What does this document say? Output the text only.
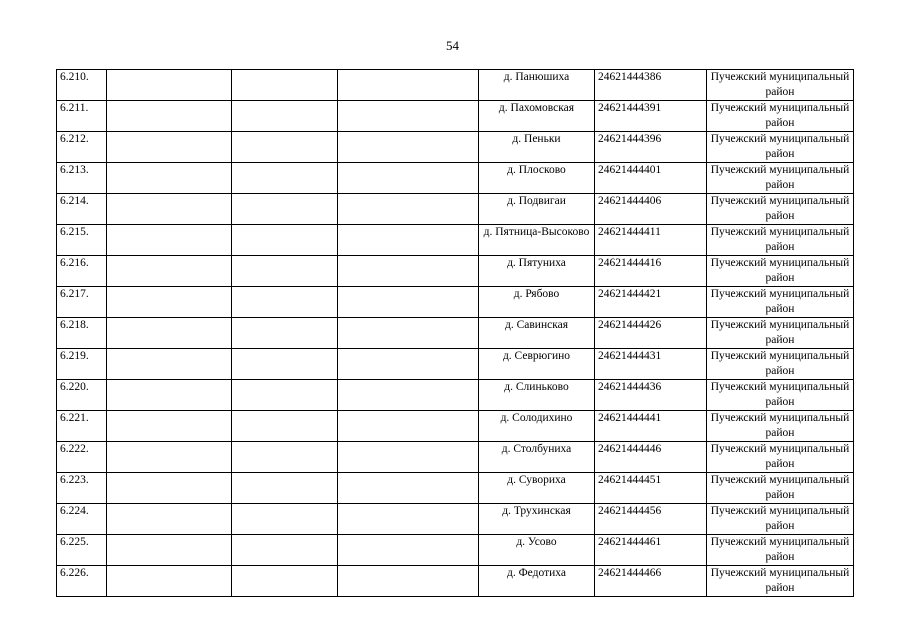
54
6.210.				д. Панюшиха	24621444386	Пучежский муниципальный район
6.211.				д. Пахомовская	24621444391	Пучежский муниципальный район
6.212.				д. Пеньки	24621444396	Пучежский муниципальный район
6.213.				д. Плосково	24621444401	Пучежский муниципальный район
6.214.				д. Подвигаи	24621444406	Пучежский муниципальный район
6.215.				д. Пятница-Высоково	24621444411	Пучежский муниципальный район
6.216.				д. Пятуниха	24621444416	Пучежский муниципальный район
6.217.				д. Рябово	24621444421	Пучежский муниципальный район
6.218.				д. Савинская	24621444426	Пучежский муниципальный район
6.219.				д. Севрюгино	24621444431	Пучежский муниципальный район
6.220.				д. Слиньково	24621444436	Пучежский муниципальный район
6.221.				д. Солодихино	24621444441	Пучежский муниципальный район
6.222.				д. Столбуниха	24621444446	Пучежский муниципальный район
6.223.				д. Сувориха	24621444451	Пучежский муниципальный район
6.224.				д. Трухинская	24621444456	Пучежский муниципальный район
6.225.				д. Усово	24621444461	Пучежский муниципальный район
6.226.				д. Федотиха	24621444466	Пучежский муниципальный район
